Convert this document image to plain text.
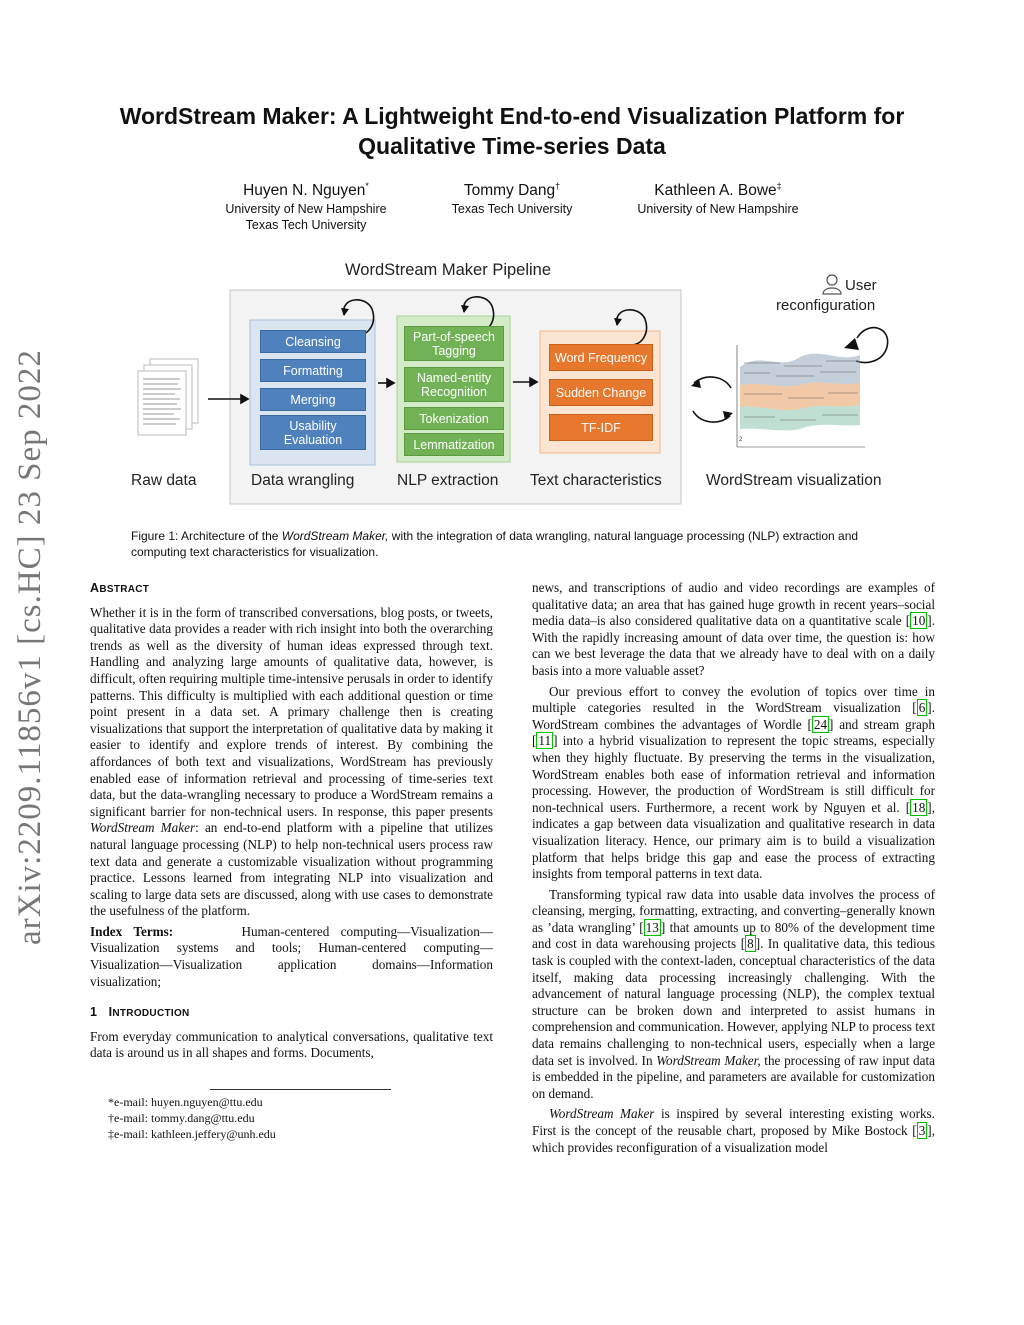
arXiv:2209.11856v1 [cs.HC] 23 Sep 2022
WordStream Maker: A Lightweight End-to-end Visualization Platform for Qualitative Time-series Data
Huyen N. Nguyen*
University of New Hampshire
Texas Tech University
Tommy Dang†
Texas Tech University
Kathleen A. Bowe‡
University of New Hampshire
2
WordStream Maker Pipeline
User
reconfiguration
Cleansing
Formatting
Merging
Usability Evaluation
Part-of-speech Tagging
Named-entity Recognition
Tokenization
Lemmatization
Word Frequency
Sudden Change
TF-IDF
Raw data	Data wrangling	NLP extraction Text characteristics	WordStream visualization
Figure 1: Architecture of the WordStream Maker, with the integration of data wrangling, natural language processing (NLP) extraction and computing text characteristics for visualization.
ABSTRACT

Whether it is in the form of transcribed conversations, blog posts, or tweets, qualitative data provides a reader with rich insight into both the overarching trends as well as the diversity of human ideas expressed through text. Handling and analyzing large amounts of qualitative data, however, is difficult, often requiring multiple time-intensive perusals in order to identify patterns. This difficulty is multiplied with each additional question or time point present in a data set. A primary challenge then is creating visualizations that support the interpretation of qualitative data by making it easier to identify and explore trends of interest. By combining the affordances of both text and visualizations, WordStream has previously enabled ease of information retrieval and processing of time-series text data, but the data-wrangling necessary to produce a WordStream remains a significant barrier for non-technical users. In response, this paper presents WordStream Maker: an end-to-end platform with a pipeline that utilizes natural language processing (NLP) to help non-technical users process raw text data and generate a customizable visualization without programming practice. Lessons learned from integrating NLP into visualization and scaling to large data sets are discussed, along with use cases to demonstrate the usefulness of the platform.

Index Terms:	Human-centered computing—Visualization—Visualization systems and tools; Human-centered computing—Visualization—Visualization application domains—Information visualization;

1 INTRODUCTION

From everyday communication to analytical conversations, qualitative text data is around us in all shapes and forms. Documents,

*e-mail: huyen.nguyen@ttu.edu
†e-mail: tommy.dang@ttu.edu
‡e-mail: kathleen.jeffery@unh.edu

news, and transcriptions of audio and video recordings are examples of qualitative data; an area that has gained huge growth in recent years–social media data–is also considered qualitative data on a quantitative scale [ 10 ]. With the rapidly increasing amount of data over time, the question is: how can we best leverage the data that we already have to deal with on a daily basis into a more valuable asset?

Our previous effort to convey the evolution of topics over time in multiple categories resulted in the WordStream visualization [ 6 ]. WordStream combines the advantages of Wordle [ 24 ] and stream graph [ 11 ] into a hybrid visualization to represent the topic streams, especially when they highly fluctuate. By preserving the terms in the visualization, WordStream enables both ease of information retrieval and information processing. However, the production of WordStream is still difficult for non-technical users. Furthermore, a recent work by Nguyen et al. [ 18 ], indicates a gap between data visualization and qualitative research in data visualization literacy. Hence, our primary aim is to build a visualization platform that helps bridge this gap and ease the process of extracting insights from temporal patterns in text data.

Transforming typical raw data into usable data involves the process of cleansing, merging, formatting, extracting, and converting–generally known as ’data wrangling’ [ 13 ] that amounts up to 80% of the development time and cost in data warehousing projects [ 8 ]. In qualitative data, this tedious task is coupled with the context-laden, conceptual characteristics of the data itself, making data processing increasingly challenging. With the advancement of natural language processing (NLP), the complex textual structure can be broken down and interpreted to assist humans in comprehension and communication. However, applying NLP to process text data remains challenging to non-technical users, especially when a large data set is involved. In WordStream Maker, the processing of raw input data is embedded in the pipeline, and parameters are available for customization on demand.

WordStream Maker is inspired by several interesting existing works. First is the concept of the reusable chart, proposed by Mike Bostock [ 3 ], which provides reconfiguration of a visualization model
